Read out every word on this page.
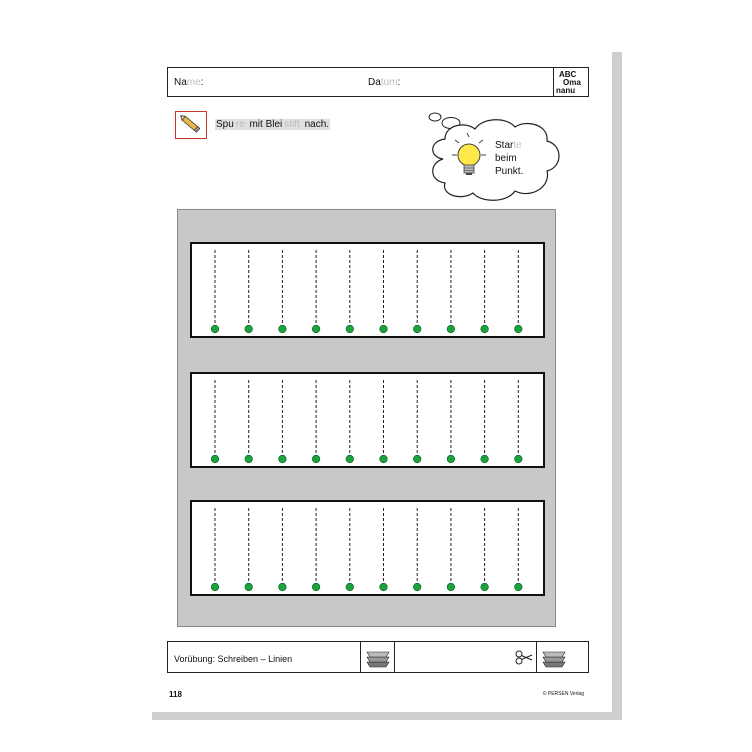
Name:	Datum:
ABC
Oma
nanu
Spu re mit Blei stift nach.
Starte
beim
Punkt.
Vorübung: Schreiben – Linien
118	© PERSEN Verlag
